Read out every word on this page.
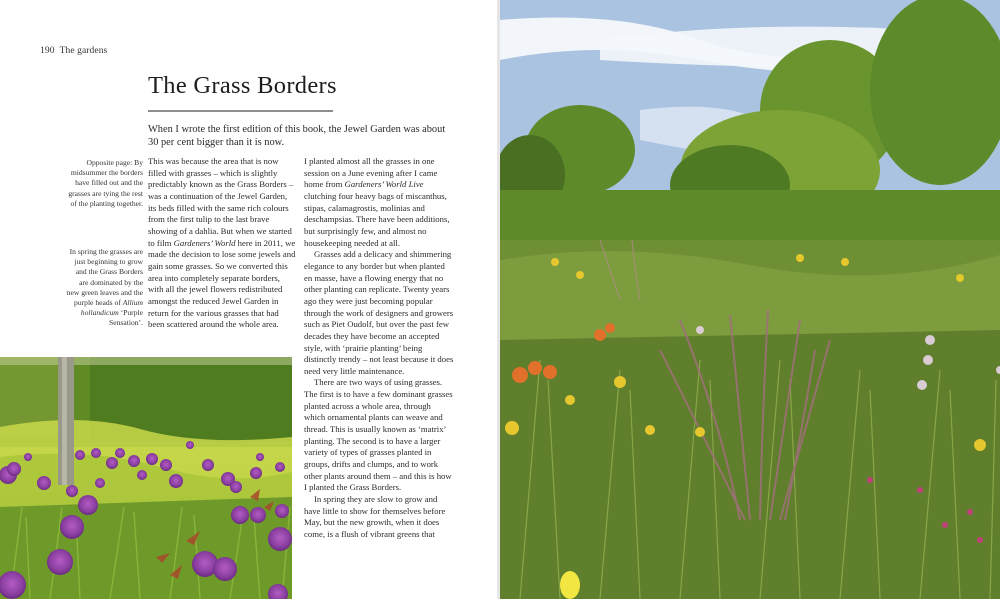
190 The gardens
The Grass Borders
When I wrote the first edition of this book, the Jewel Garden was about 30 per cent bigger than it is now.
Opposite page: By midsummer the borders have filled out and the grasses are tying the rest of the planting together.
In spring the grasses are just beginning to grow and the Grass Borders are dominated by the new green leaves and the purple heads of Allium hollandicum ‘Purple Sensation’.

This was because the area that is now filled with grasses – which is slightly predictably known as the Grass Borders – was a continuation of the Jewel Garden, its beds filled with the same rich colours from the first tulip to the last brave showing of a dahlia. But when we started to film Gardeners’ World here in 2011, we made the decision to lose some jewels and gain some grasses. So we converted this area into completely separate borders, with all the jewel flowers redistributed amongst the reduced Jewel Garden in return for the various grasses that had been scattered around the whole area.

I planted almost all the grasses in one session on a June evening after I came home from Gardeners’ World Live clutching four heavy bags of miscanthus, stipas, calamagrostis, molinias and deschampsias. There have been additions, but surprisingly few, and almost no housekeeping needed at all.

Grasses add a delicacy and shimmering elegance to any border but when planted en masse, have a flowing energy that no other planting can replicate. Twenty years ago they were just becoming popular through the work of designers and growers such as Piet Oudolf, but over the past few decades they have become an accepted style, with ‘prairie planting’ being distinctly trendy – not least because it does need very little maintenance.

There are two ways of using grasses. The first is to have a few dominant grasses planted across a whole area, through which ornamental plants can weave and thread. This is usually known as ‘matrix’ planting. The second is to have a larger variety of types of grasses planted in groups, drifts and clumps, and to work other plants around them – and this is how I planted the Grass Borders.

In spring they are slow to grow and have little to show for themselves before May, but the new growth, when it does come, is a flush of vibrant greens that
